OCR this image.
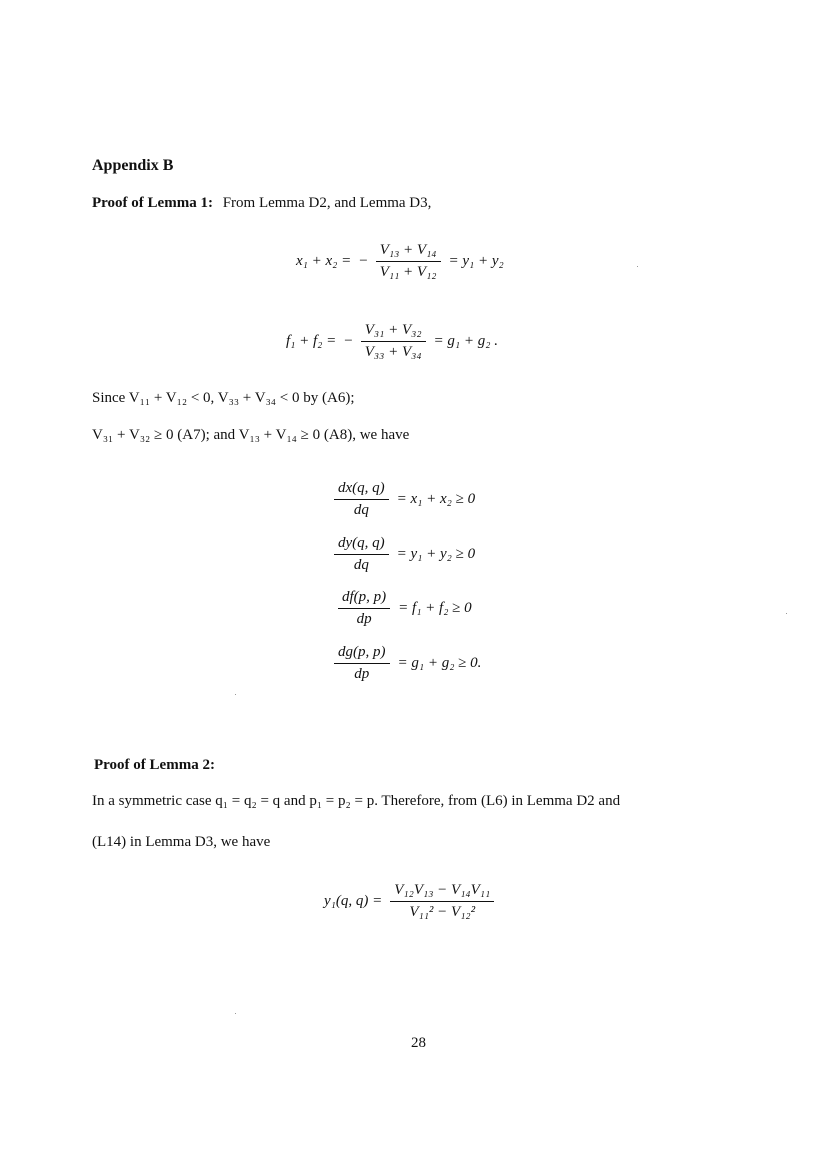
Appendix B
Proof of Lemma 1: From Lemma D2, and Lemma D3,
x₁ + x₂ = − $\frac{\text{V₁₃ + V₁₄}}{\text{V₁₁ + V₁₂}} = y_1 + y_2$
f₁ + f₂ = − $\frac{\text{V₃₁ + V₃₂}}{\text{V₃₃ + V₃₄}} = g_1 + g_2$ .
Since V₁₁ + V₁₂ < 0, V₃₃ + V₃₄ < 0 by (A6);
V₃₁ + V₃₂ ≥ 0 (A7); and V₁₃ + V₁₄ ≥ 0 (A8), we have
$\frac{dx(q, q)}{dq} = x_1 + x_2 \ge 0$
$\frac{dy(q, q)}{dq} = y_1 + y_2 \ge 0$
$\frac{df(p, p)}{dp} = f_1 + f_2 \ge 0$
$\frac{dg(p, p)}{dp} = g_1 + g_2 \ge 0$.
Proof of Lemma 2:
In a symmetric case q₁ = q₂ = q and p₁ = p₂ = p. Therefore, from (L6) in Lemma D2 and
(L14) in Lemma D3, we have
y₁(q, $q) = \frac{\text{V₁₂V₁₃ − V₁₄V₁₁}}{\text{V₁₁² − V₁₂²}}$
28
